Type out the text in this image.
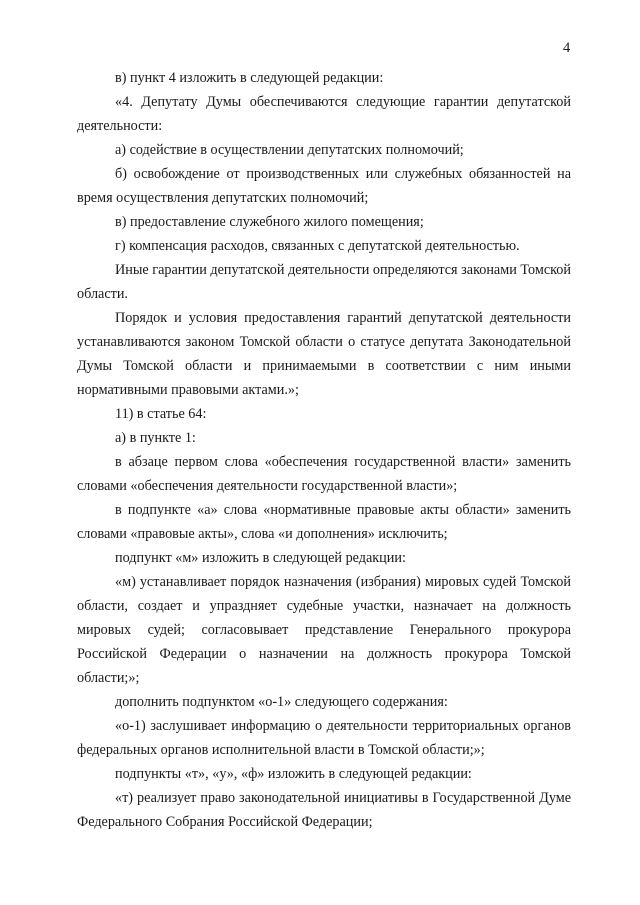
4

в) пункт 4 изложить в следующей редакции:

«4. Депутату Думы обеспечиваются следующие гарантии депутатской деятельности:

а) содействие в осуществлении депутатских полномочий;

б) освобождение от производственных или служебных обязанностей на время осуществления депутатских полномочий;

в) предоставление служебного жилого помещения;

г) компенсация расходов, связанных с депутатской деятельностью.

Иные гарантии депутатской деятельности определяются законами Томской области.

Порядок и условия предоставления гарантий депутатской деятельности устанавливаются законом Томской области о статусе депутата Законодательной Думы Томской области и принимаемыми в соответствии с ним иными нормативными правовыми актами.»;

11) в статье 64:

а) в пункте 1:

в абзаце первом слова «обеспечения государственной власти» заменить словами «обеспечения деятельности государственной власти»;

в подпункте «а» слова «нормативные правовые акты области» заменить словами «правовые акты», слова «и дополнения» исключить;

подпункт «м» изложить в следующей редакции:

«м) устанавливает порядок назначения (избрания) мировых судей Томской области, создает и упраздняет судебные участки, назначает на должность мировых судей; согласовывает представление Генерального прокурора Российской Федерации о назначении на должность прокурора Томской области;»;

дополнить подпунктом «о-1» следующего содержания:

«о-1) заслушивает информацию о деятельности территориальных органов федеральных органов исполнительной власти в Томской области;»;

подпункты «т», «у», «ф» изложить в следующей редакции:

«т) реализует право законодательной инициативы в Государственной Думе Федерального Собрания Российской Федерации;
